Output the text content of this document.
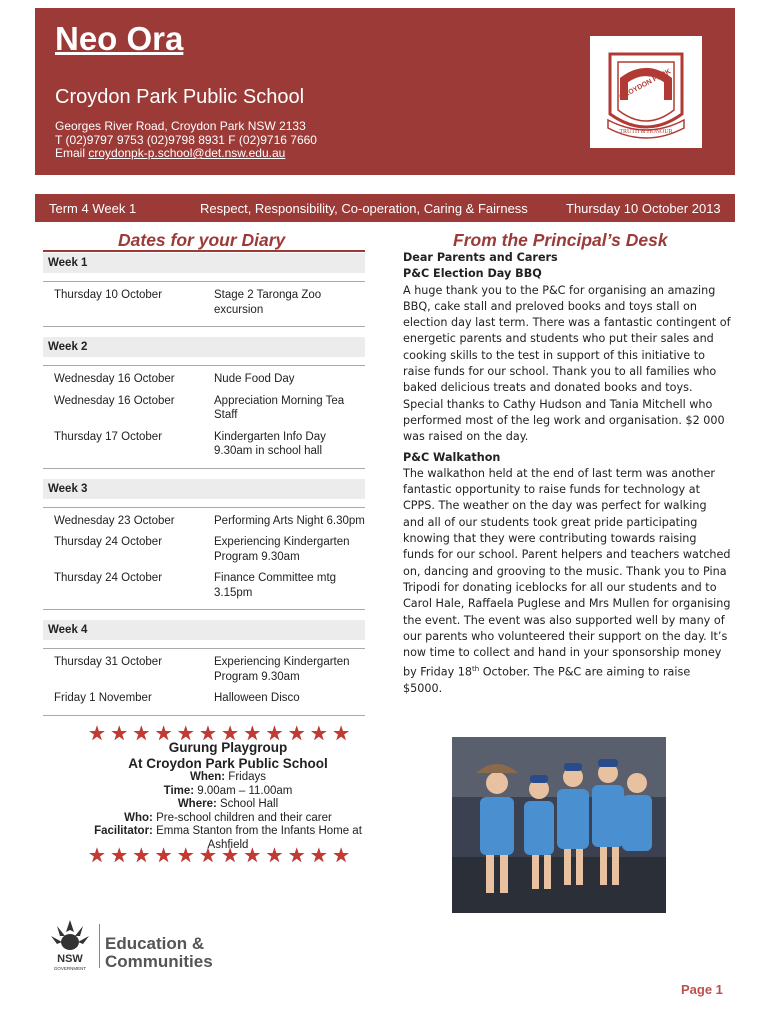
Neo Ora
Croydon Park Public School
Georges River Road, Croydon Park NSW 2133
T (02)9797 9753 (02)9798 8931 F (02)9716 7660
Email croydonpk-p.school@det.nsw.edu.au
CROYDON PARK
TRUTH & HONOUR
Term 4 Week 1	Respect, Responsibility, Co-operation, Caring & Fairness	Thursday 10 October 2013
Dates for your Diary
Week 1
Thursday 10 October	Stage 2 Taronga Zoo excursion
Week 2
Wednesday 16 October	Nude Food Day
Wednesday 16 October	Appreciation Morning Tea Staff
Thursday 17 October	Kindergarten Info Day 9.30am in school hall
Week 3
Wednesday 23 October	Performing Arts Night 6.30pm
Thursday 24 October	Experiencing Kindergarten Program 9.30am
Thursday 24 October	Finance Committee mtg 3.15pm
Week 4
Thursday 31 October	Experiencing Kindergarten Program 9.30am
Friday 1 November	Halloween Disco
★ ★ ★ ★ ★ ★ ★ ★ ★ ★ ★ ★
Gurung Playgroup
At Croydon Park Public School
When: Fridays
Time: 9.00am – 11.00am
Where: School Hall
Who: Pre-school children and their carer
Facilitator: Emma Stanton from the Infants Home at Ashfield
★ ★ ★ ★ ★ ★ ★ ★ ★ ★ ★ ★
From the Principal’s Desk

Dear Parents and Carers

P&C Election Day BBQ

A huge thank you to the P&C for organising an amazing BBQ, cake stall and preloved books and toys stall on election day last term. There was a fantastic contingent of energetic parents and students who put their sales and cooking skills to the test in support of this initiative to raise funds for our school. Thank you to all families who baked delicious treats and donated books and toys. Special thanks to Cathy Hudson and Tania Mitchell who performed most of the leg work and organisation. $2 000 was raised on the day.

P&C Walkathon

The walkathon held at the end of last term was another fantastic opportunity to raise funds for technology at CPPS. The weather on the day was perfect for walking and all of our students took great pride participating knowing that they were contributing towards raising funds for our school. Parent helpers and teachers watched on, dancing and grooving to the music. Thank you to Pina Tripodi for donating iceblocks for all our students and to Carol Hale, Raffaela Puglese and Mrs Mullen for organising the event. The event was also supported well by many of our parents who volunteered their support on the day. It’s now time to collect and hand in your sponsorship money by Friday 18th October. The P&C are aiming to raise $5000.

NSW
GOVERNMENT
Education &
Communities
Page 1
